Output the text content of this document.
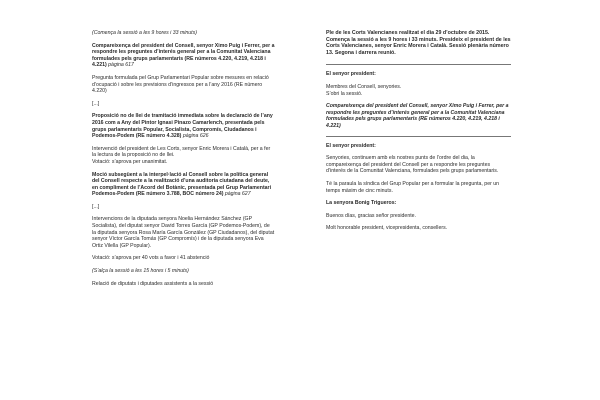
(Comença la sessió a les 9 hores i 33 minuts)

Compareixença del president del Consell, senyor Ximo Puig i Ferrer, per a respondre les preguntes d’interés general per a la Comunitat Valenciana formulades pels grups parlamentaris (RE números 4.220, 4.219, 4.218 i 4.221) pàgina 617

Pregunta formulada pel Grup Parlamentari Popular sobre mesures en relació d’ocupació i sobre les previsions d’ingressos per a l’any 2016 (RE número 4.220)

[...]

Proposició no de llei de tramitació immediata sobre la declaració de l’any 2016 com a Any del Pintor Ignasi Pinazo Camarlench, presentada pels grups parlamentaris Popular, Socialista, Compromís, Ciudadanos i Podemos-Podem (RE número 4.328) pàgina 626

Intervenció del president de Les Corts, senyor Enric Morera i Català, per a fer la lectura de la proposició no de llei.

Votació: s’aprova per unanimitat.

Moció subsegüent a la interpel·lació al Consell sobre la política general del Consell respecte a la realització d’una auditoria ciutadana del deute, en compliment de l’Acord del Botànic, presentada pel Grup Parlamentari Podemos-Podem (RE número 3.788, BOC número 24) pàgina 627

[...]

Intervencions de la diputada senyora Noelia Hernández Sánchez (GP Socialista), del diputat senyor David Torres García (GP Podemos-Podem), de la diputada senyora Rosa María García González (GP Ciudadanos), del diputat senyor Víctor García Tomás (GP Compromís) i de la diputada senyora Eva Ortiz Vilella (GP Popular).

Votació: s’aprova per 40 vots a favor i 41 abstenció

(S’alça la sessió a les 15 hores i 5 minuts)

Relació de diputats i diputades assistents a la sessió

Ple de les Corts Valencianes realitzat el dia 29 d’octubre de 2015. Comença la sessió a les 9 hores i 33 minuts. Presideix el president de les Corts Valencianes, senyor Enric Morera i Català. Sessió plenària número 13. Segona i darrera reunió.

El senyor president:

Membres del Consell, senyories.

S’obri la sessió.

Compareixença del president del Consell, senyor Ximo Puig i Ferrer, per a respondre les preguntes d’interés general per a la Comunitat Valenciana formulades pels grups parlamentaris (RE números 4.220, 4.219, 4.218 i 4.221)

El senyor president:

Senyories, continuem amb els nostres punts de l’ordre del dia, la compareixença del president del Consell per a respondre les preguntes d’interés de la Comunitat Valenciana, formulades pels grups parlamentaris.

Té la paraula la síndica del Grup Popular per a formular la pregunta, per un temps màxim de cinc minuts.

La senyora Bonig Trigueros:

Buenos días, gracias señor presidente.

Molt honorable president, vicepresidenta, consellers.
